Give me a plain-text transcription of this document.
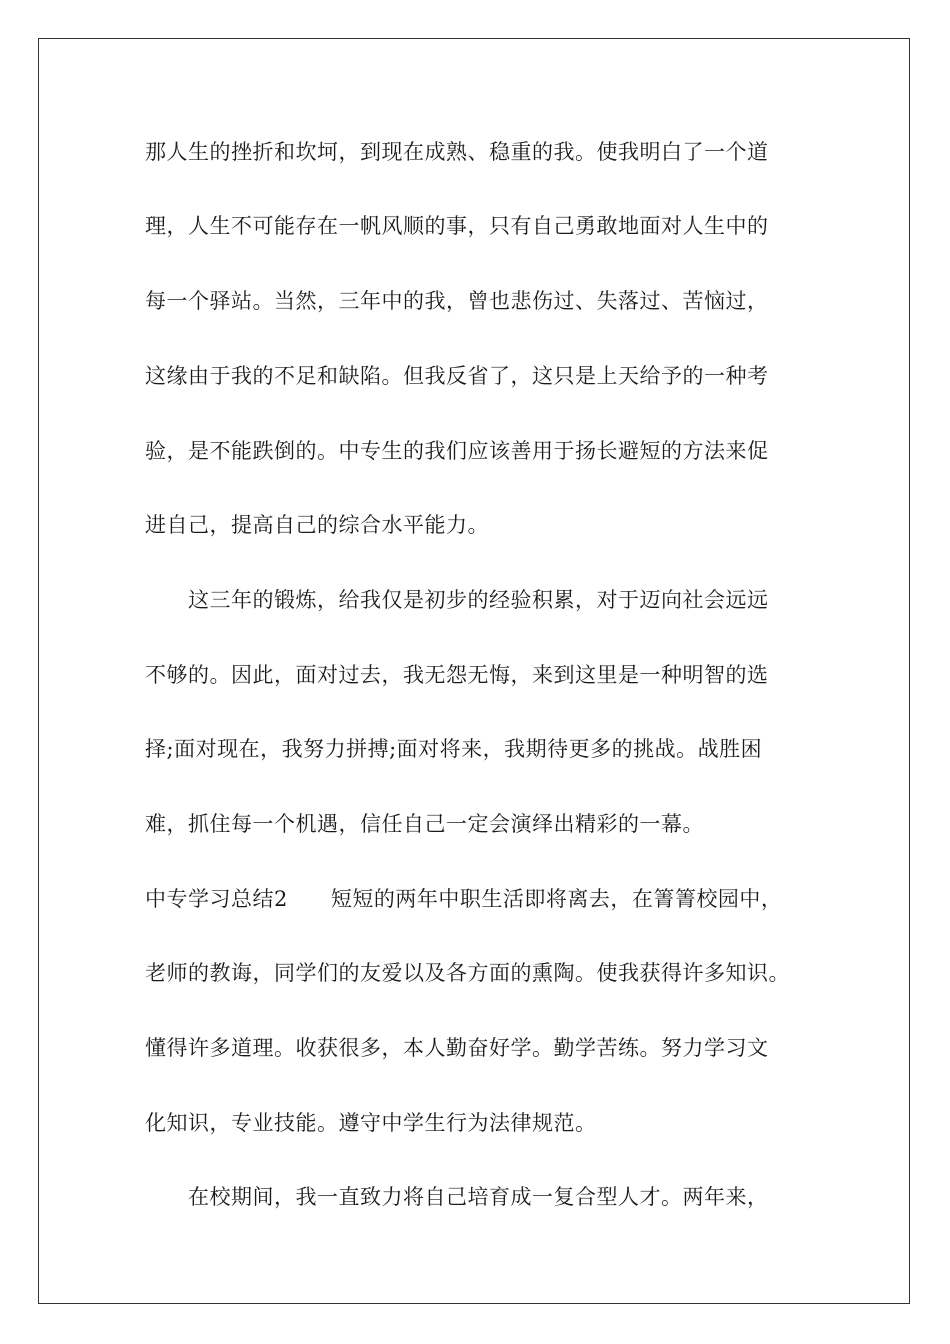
那人生的挫折和坎坷，到现在成熟、稳重的我。使我明白了一个道
理，人生不可能存在一帆风顺的事，只有自己勇敢地面对人生中的
每一个驿站。当然，三年中的我，曾也悲伤过、失落过、苦恼过，
这缘由于我的不足和缺陷。但我反省了，这只是上天给予的一种考
验，是不能跌倒的。中专生的我们应该善用于扬长避短的方法来促
进自己，提高自己的综合水平能力。
这三年的锻炼，给我仅是初步的经验积累，对于迈向社会远远
不够的。因此，面对过去，我无怨无悔，来到这里是一种明智的选
择;面对现在，我努力拼搏;面对将来，我期待更多的挑战。战胜困
难，抓住每一个机遇，信任自己一定会演绎出精彩的一幕。
中专学习总结2　　短短的两年中职生活即将离去，在箐箐校园中，
老师的教诲，同学们的友爱以及各方面的熏陶。使我获得许多知识。
懂得许多道理。收获很多，本人勤奋好学。勤学苦练。努力学习文
化知识，专业技能。遵守中学生行为法律规范。
在校期间，我一直致力将自己培育成一复合型人才。两年来，
